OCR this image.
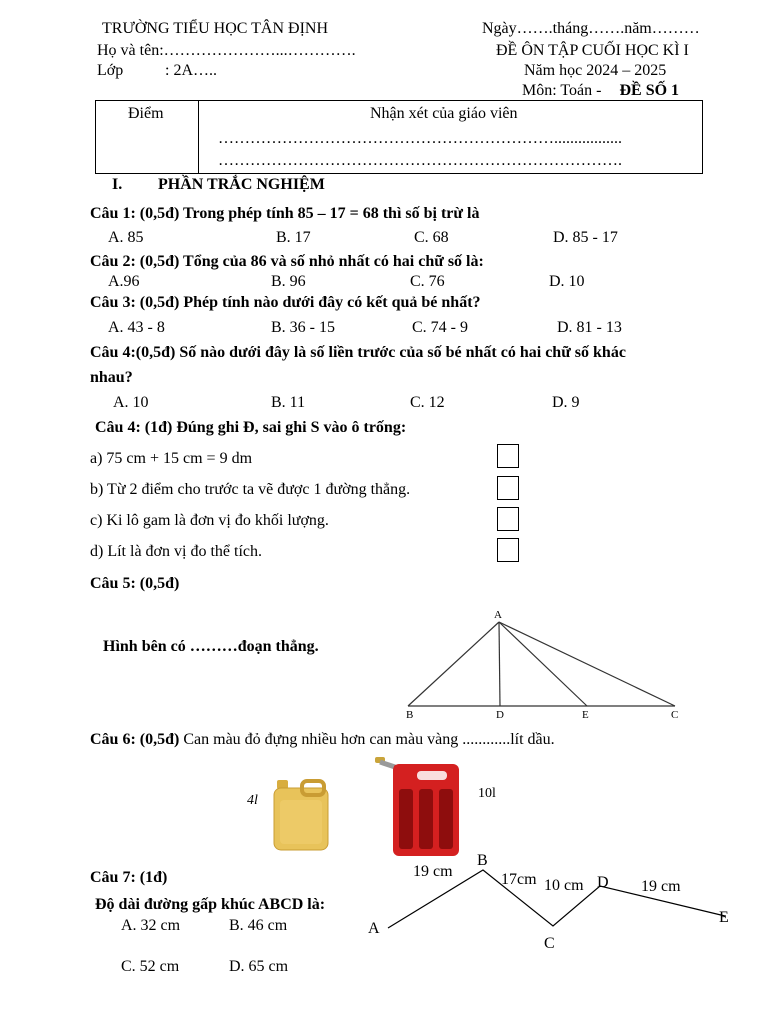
TRƯỜNG TIỂU HỌC TÂN ĐỊNH	Ngày…….tháng…….năm………
Họ và tên:…………………...………….	ĐỀ ÔN TẬP CUỐI HỌC KÌ I
Lớp	: 2A…..	Năm học 2024 – 2025
Môn: Toán - ĐỀ SỐ 1
Điểm	Nhận xét của giáo viên
……………………………………………………….................
………………………………………………………………….
I. PHẦN TRẮC NGHIỆM
Câu 1: (0,5đ) Trong phép tính 85 – 17 = 68 thì số bị trừ là
A. 85	B. 17	C. 68	D. 85 - 17
Câu 2: (0,5đ) Tổng của 86 và số nhỏ nhất có hai chữ số là:
A.96	B. 96	C. 76	D. 10
Câu 3: (0,5đ) Phép tính nào dưới đây có kết quả bé nhất?
A. 43 - 8	B. 36 - 15	C. 74 - 9	D. 81 - 13
Câu 4:(0,5đ) Số nào dưới đây là số liền trước của số bé nhất có hai chữ số khác
nhau?
A. 10	B. 11	C. 12	D. 9
Câu 4: (1đ) Đúng ghi Đ, sai ghi S vào ô trống:
a) 75 cm + 15 cm = 9 dm
b) Từ 2 điểm cho trước ta vẽ được 1 đường thẳng.
c) Ki lô gam là đơn vị đo khối lượng.
d) Lít là đơn vị đo thể tích.
Câu 5: (0,5đ)
Hình bên có ………đoạn thẳng.
A
B	D	E	C
Câu 6: (0,5đ) Can màu đỏ đựng nhiều hơn can màu vàng ............lít dầu.
4l	10l
Câu 7: (1đ)
Độ dài đường gấp khúc ABCD là:
A. 32 cm	B. 46 cm
C. 52 cm	D. 65 cm
A
B
C
D
E
19 cm	17cm 10 cm	19 cm
